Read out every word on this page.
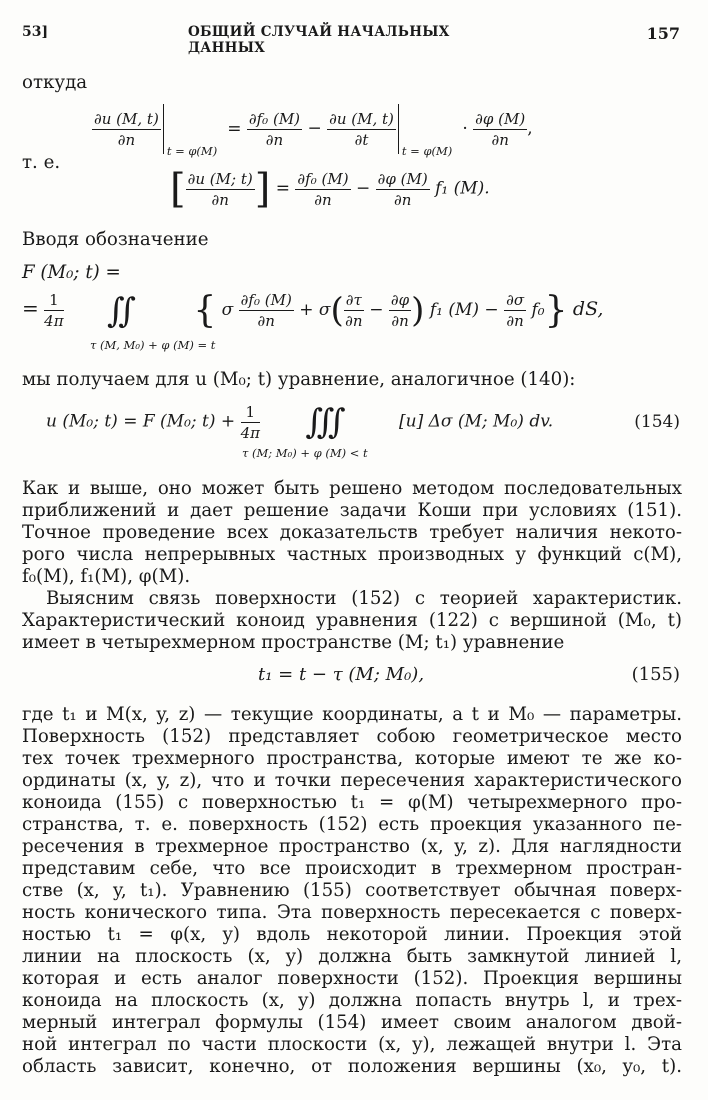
53]	ОБЩИЙ СЛУЧАЙ НАЧАЛЬНЫХ ДАННЫХ
157
откуда
$\frac{\partial u (M, t)}{\partial n}$
t = φ(M)
= $\frac{\text{∂f₀ (M)}}{\partial n} - \frac{\partial u (M, t)}{\partial t}$
t = φ(M)
· $\frac{\partial\varphi (M)}{\partial n}$ ,
т. е.
[ $\frac{\partial u (M; t)}{\partial n}$ ] = $\frac{\text{∂f₀ (M)}}{\partial n} - \frac{\partial\varphi (M)}{\partial n} f_1$ (M).
Вводя обозначение
F (M₀; t) =
= $\frac{1}{4\pi}$ ∬ { σ $\frac{\text{∂f₀ (M)}}{\partial n} + \sigma( \frac{\partial\tau}{\partial n} - \frac{\partial\varphi}{\partial n}$ ) f₁ $(M) - \frac{\partial\sigma}{\partial n} f_0$} dS,
τ (M, M₀) + φ (M) = t
мы получаем для u (M₀; t) уравнение, аналогичное (140):
u (M₀; t) = F (M₀; $t) + \frac{1}{4\pi}$ ∭	[u] Δσ (M; M₀) dv.	(154)
τ (M; M₀) + φ (M) < t

Как и выше, оно может быть решено методом последовательных

приближений и дает решение задачи Коши при условиях (151).

Точное проведение всех доказательств требует наличия некото-

рого числа непрерывных частных производных у функций c(M),

f₀(M), f₁(M), φ(M).

Выясним связь поверхности (152) с теорией характеристик.

Характеристический коноид уравнения (122) с вершиной (M₀, t)

имеет в четырехмерном пространстве (M; t₁) уравнение

t₁ = t − τ (M; M₀),	(155)

где t₁ и M(x, y, z) — текущие координаты, а t и M₀ — параметры.

Поверхность (152) представляет собою геометрическое место

тех точек трехмерного пространства, которые имеют те же ко-

ординаты (x, y, z), что и точки пересечения характеристического

коноида (155) с поверхностью t₁ = φ(M) четырехмерного про-

странства, т. е. поверхность (152) есть проекция указанного пе-

ресечения в трехмерное пространство (x, y, z). Для наглядности

представим себе, что все происходит в трехмерном простран-

стве (x, y, t₁). Уравнению (155) соответствует обычная поверх-

ность конического типа. Эта поверхность пересекается с поверх-

ностью t₁ = φ(x, y) вдоль некоторой линии. Проекция этой

линии на плоскость (x, y) должна быть замкнутой линией l,

которая и есть аналог поверхности (152). Проекция вершины

коноида на плоскость (x, y) должна попасть внутрь l, и трех-

мерный интеграл формулы (154) имеет своим аналогом двой-

ной интеграл по части плоскости (x, y), лежащей внутри l. Эта

область зависит, конечно, от положения вершины (x₀, y₀, t).
